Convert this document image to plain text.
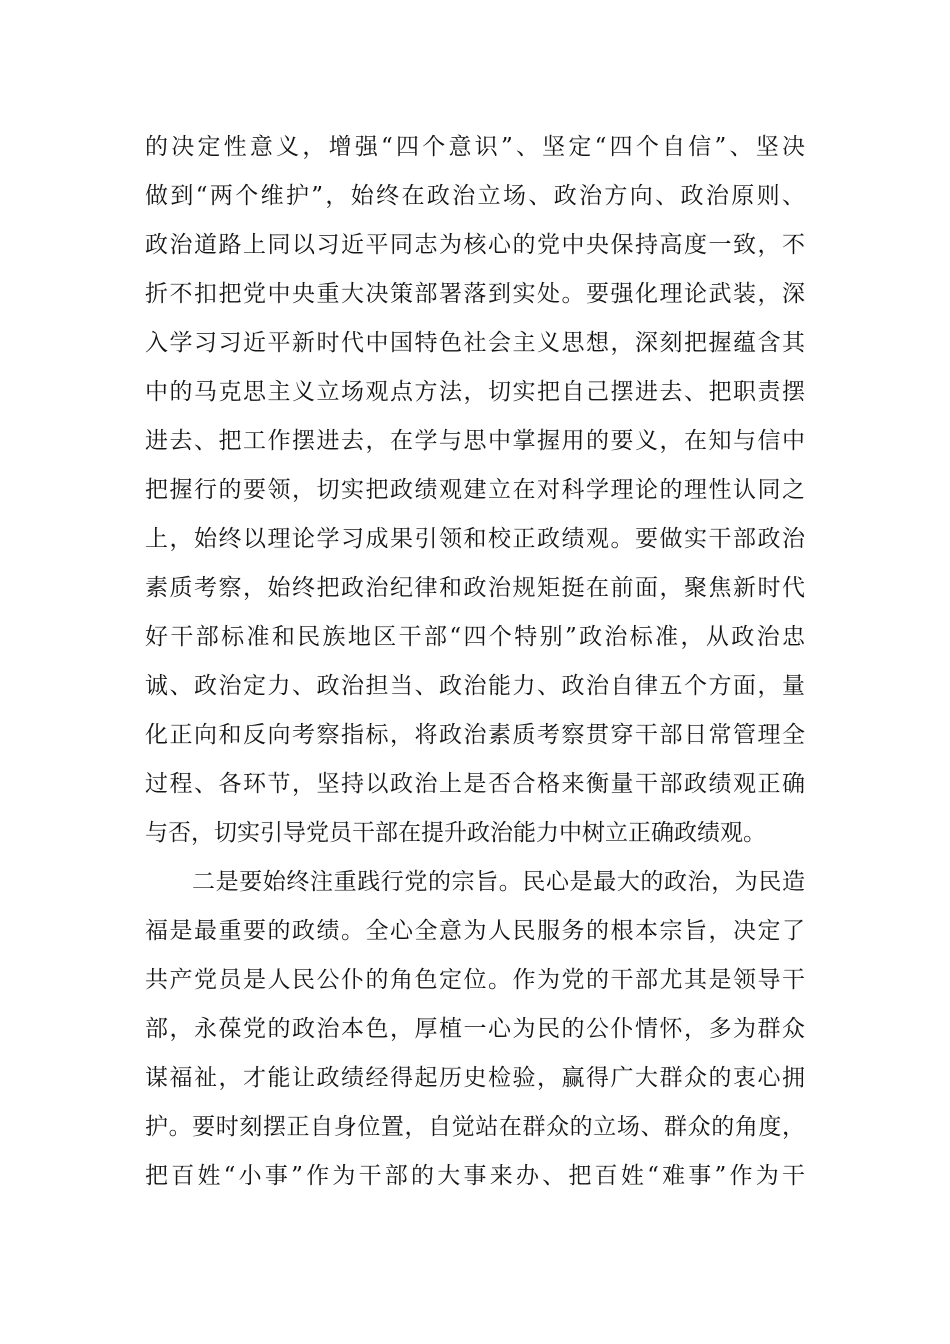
的决定性意义，增强“四个意识”、坚定“四个自信”、坚决
做到“两个维护”，始终在政治立场、政治方向、政治原则、
政治道路上同以习近平同志为核心的党中央保持高度一致，不
折不扣把党中央重大决策部署落到实处。要强化理论武装，深
入学习习近平新时代中国特色社会主义思想，深刻把握蕴含其
中的马克思主义立场观点方法，切实把自己摆进去、把职责摆
进去、把工作摆进去，在学与思中掌握用的要义，在知与信中
把握行的要领，切实把政绩观建立在对科学理论的理性认同之
上，始终以理论学习成果引领和校正政绩观。要做实干部政治
素质考察，始终把政治纪律和政治规矩挺在前面，聚焦新时代
好干部标准和民族地区干部“四个特别”政治标准，从政治忠
诚、政治定力、政治担当、政治能力、政治自律五个方面，量
化正向和反向考察指标，将政治素质考察贯穿干部日常管理全
过程、各环节，坚持以政治上是否合格来衡量干部政绩观正确
与否，切实引导党员干部在提升政治能力中树立正确政绩观。
二是要始终注重践行党的宗旨。民心是最大的政治，为民造
福是最重要的政绩。全心全意为人民服务的根本宗旨，决定了
共产党员是人民公仆的角色定位。作为党的干部尤其是领导干
部，永葆党的政治本色，厚植一心为民的公仆情怀，多为群众
谋福祉，才能让政绩经得起历史检验，赢得广大群众的衷心拥
护。要时刻摆正自身位置，自觉站在群众的立场、群众的角度，
把百姓“小事”作为干部的大事来办、把百姓“难事”作为干
